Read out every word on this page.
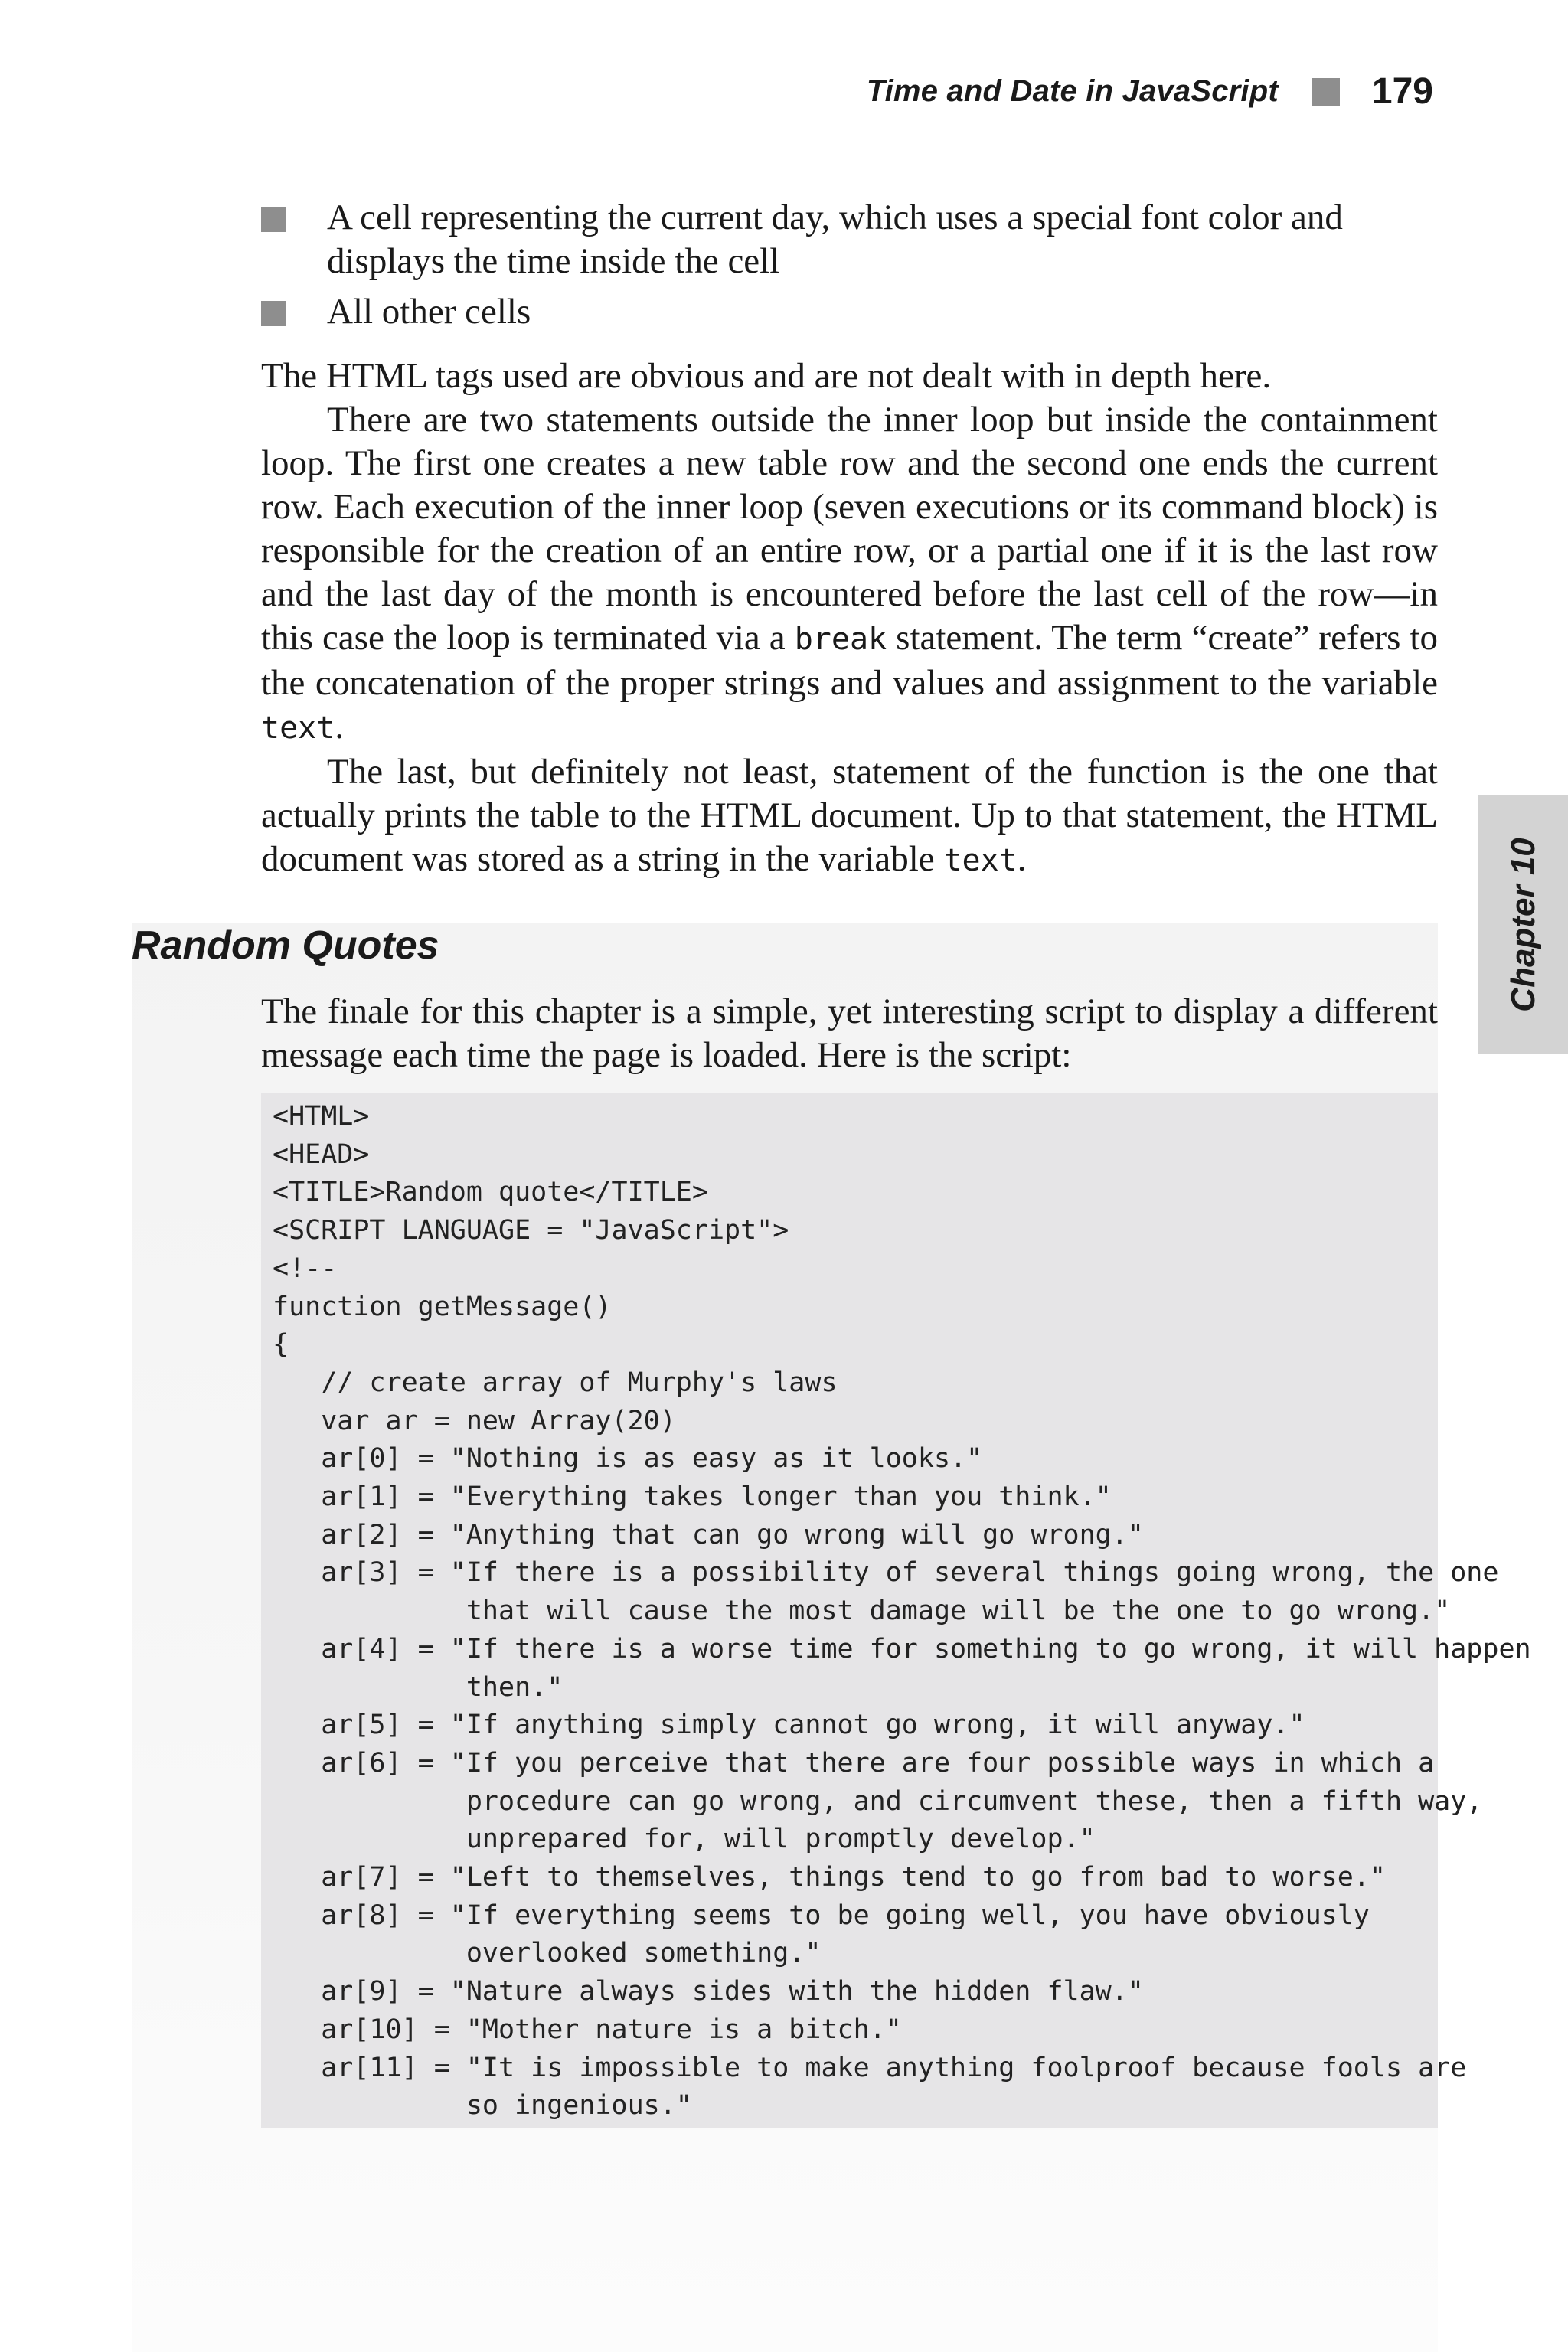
Time and Date in JavaScript	179
A cell representing the current day, which uses a special font color and displays the time inside the cell
All other cells

The HTML tags used are obvious and are not dealt with in depth here.

There are two statements outside the inner loop but inside the containment loop. The first one creates a new table row and the second one ends the current row. Each execution of the inner loop (seven executions or its command block) is responsible for the creation of an entire row, or a partial one if it is the last row and the last day of the month is encountered before the last cell of the row—in this case the loop is terminated via a break statement. The term “create” refers to the concatenation of the proper strings and values and assignment to the variable text.

The last, but definitely not least, statement of the function is the one that actually prints the table to the HTML document. Up to that statement, the HTML document was stored as a string in the variable text.

Random Quotes

The finale for this chapter is a simple, yet interesting script to display a different message each time the page is loaded. Here is the script:

<HTML>
<HEAD>
<TITLE>Random quote</TITLE>
<SCRIPT LANGUAGE = "JavaScript">
<!--
function getMessage()
{
// create array of Murphy's laws
var ar = new Array(20)
ar[0] = "Nothing is as easy as it looks."
ar[1] = "Everything takes longer than you think."
ar[2] = "Anything that can go wrong will go wrong."
ar[3] = "If there is a possibility of several things going wrong, the one
that will cause the most damage will be the one to go wrong."
ar[4] = "If there is a worse time for something to go wrong, it will happen
then."
ar[5] = "If anything simply cannot go wrong, it will anyway."
ar[6] = "If you perceive that there are four possible ways in which a
procedure can go wrong, and circumvent these, then a fifth way,
unprepared for, will promptly develop."
ar[7] = "Left to themselves, things tend to go from bad to worse."
ar[8] = "If everything seems to be going well, you have obviously
overlooked something."
ar[9] = "Nature always sides with the hidden flaw."
ar[10] = "Mother nature is a bitch."
ar[11] = "It is impossible to make anything foolproof because fools are
so ingenious."
Chapter 10
